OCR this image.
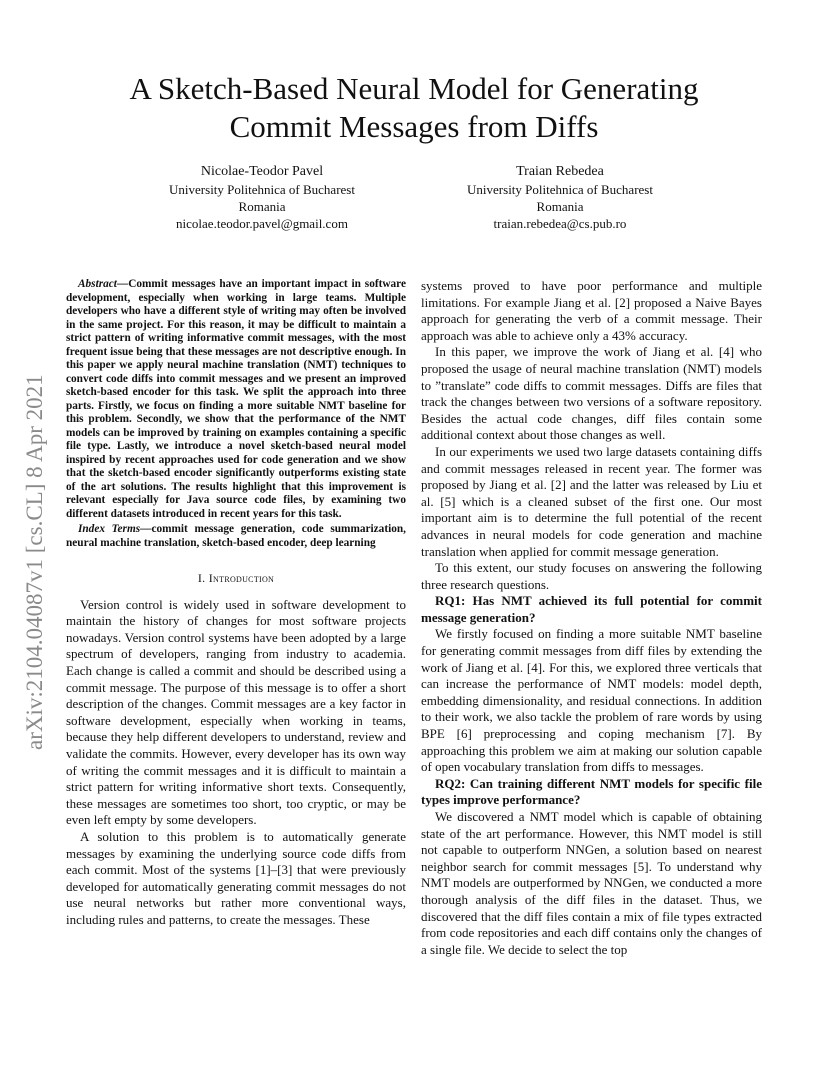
arXiv:2104.04087v1 [cs.CL] 8 Apr 2021
A Sketch-Based Neural Model for Generating
Commit Messages from Diffs
Nicolae-Teodor Pavel
University Politehnica of Bucharest
Romania
nicolae.teodor.pavel@gmail.com
Traian Rebedea
University Politehnica of Bucharest
Romania
traian.rebedea@cs.pub.ro

Abstract—Commit messages have an important impact in software development, especially when working in large teams. Multiple developers who have a different style of writing may often be involved in the same project. For this reason, it may be difficult to maintain a strict pattern of writing informative commit messages, with the most frequent issue being that these messages are not descriptive enough. In this paper we apply neural machine translation (NMT) techniques to convert code diffs into commit messages and we present an improved sketch-based encoder for this task. We split the approach into three parts. Firstly, we focus on finding a more suitable NMT baseline for this problem. Secondly, we show that the performance of the NMT models can be improved by training on examples containing a specific file type. Lastly, we introduce a novel sketch-based neural model inspired by recent approaches used for code generation and we show that the sketch-based encoder significantly outperforms existing state of the art solutions. The results highlight that this improvement is relevant especially for Java source code files, by examining two different datasets introduced in recent years for this task.

Index Terms—commit message generation, code summarization, neural machine translation, sketch-based encoder, deep learning

I. Introduction

Version control is widely used in software development to maintain the history of changes for most software projects nowadays. Version control systems have been adopted by a large spectrum of developers, ranging from industry to academia. Each change is called a commit and should be described using a commit message. The purpose of this message is to offer a short description of the changes. Commit messages are a key factor in software development, especially when working in teams, because they help different developers to understand, review and validate the commits. However, every developer has its own way of writing the commit messages and it is difficult to maintain a strict pattern for writing informative short texts. Consequently, these messages are sometimes too short, too cryptic, or may be even left empty by some developers.

A solution to this problem is to automatically generate messages by examining the underlying source code diffs from each commit. Most of the systems [1]–[3] that were previously developed for automatically generating commit messages do not use neural networks but rather more conventional ways, including rules and patterns, to create the messages. These

systems proved to have poor performance and multiple limitations. For example Jiang et al. [2] proposed a Naive Bayes approach for generating the verb of a commit message. Their approach was able to achieve only a 43% accuracy.

In this paper, we improve the work of Jiang et al. [4] who proposed the usage of neural machine translation (NMT) models to ”translate” code diffs to commit messages. Diffs are files that track the changes between two versions of a software repository. Besides the actual code changes, diff files contain some additional context about those changes as well.

In our experiments we used two large datasets containing diffs and commit messages released in recent year. The former was proposed by Jiang et al. [2] and the latter was released by Liu et al. [5] which is a cleaned subset of the first one. Our most important aim is to determine the full potential of the recent advances in neural models for code generation and machine translation when applied for commit message generation.

To this extent, our study focuses on answering the following three research questions.

RQ1: Has NMT achieved its full potential for commit message generation?

We firstly focused on finding a more suitable NMT baseline for generating commit messages from diff files by extending the work of Jiang et al. [4]. For this, we explored three verticals that can increase the performance of NMT models: model depth, embedding dimensionality, and residual connections. In addition to their work, we also tackle the problem of rare words by using BPE [6] preprocessing and coping mechanism [7]. By approaching this problem we aim at making our solution capable of open vocabulary translation from diffs to messages.

RQ2: Can training different NMT models for specific file types improve performance?

We discovered a NMT model which is capable of obtaining state of the art performance. However, this NMT model is still not capable to outperform NNGen, a solution based on nearest neighbor search for commit messages [5]. To understand why NMT models are outperformed by NNGen, we conducted a more thorough analysis of the diff files in the dataset. Thus, we discovered that the diff files contain a mix of file types extracted from code repositories and each diff contains only the changes of a single file. We decide to select the top
